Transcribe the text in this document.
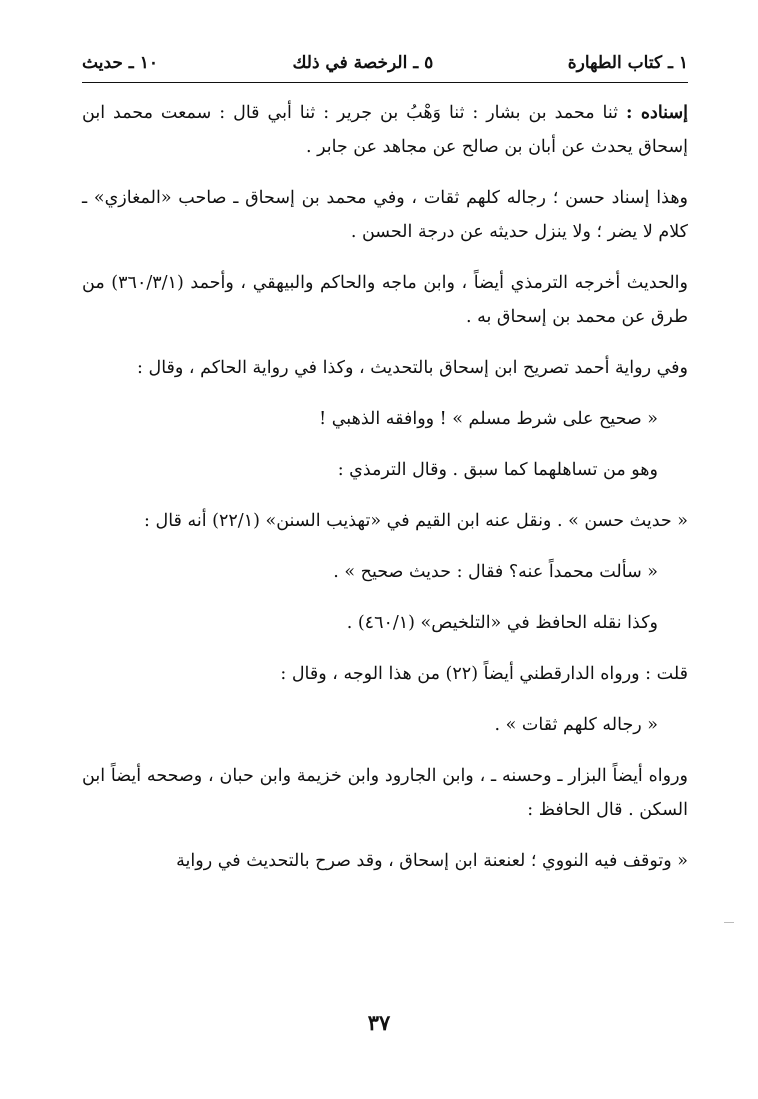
١ ـ كتاب الطهارة
٥ ـ الرخصة في ذلك
١٠ ـ حديث

إسناده : ثنا محمد بن بشار : ثنا وَهْبُ بن جرير : ثنا أبي قال : سمعت محمد ابن إسحاق يحدث عن أبان بن صالح عن مجاهد عن جابر .

وهذا إسناد حسن ؛ رجاله كلهم ثقات ، وفي محمد بن إسحاق ـ صاحب «المغازي» ـ كلام لا يضر ؛ ولا ينزل حديثه عن درجة الحسن .

والحديث أخرجه الترمذي أيضاً ، وابن ماجه والحاكم والبيهقي ، وأحمد (٣٦٠/٣/١) من طرق عن محمد بن إسحاق به .

وفي رواية أحمد تصريح ابن إسحاق بالتحديث ، وكذا في رواية الحاكم ، وقال :

« صحيح على شرط مسلم » ! ووافقه الذهبي !

وهو من تساهلهما كما سبق . وقال الترمذي :

« حديث حسن » . ونقل عنه ابن القيم في «تهذيب السنن» (٢٢/١) أنه قال :

« سألت محمداً عنه؟ فقال : حديث صحيح » .

وكذا نقله الحافظ في «التلخيص» (٤٦٠/١) .

قلت : ورواه الدارقطني أيضاً (٢٢) من هذا الوجه ، وقال :

« رجاله كلهم ثقات » .

ورواه أيضاً البزار ـ وحسنه ـ ، وابن الجارود وابن خزيمة وابن حبان ، وصححه أيضاً ابن السكن . قال الحافظ :

« وتوقف فيه النووي ؛ لعنعنة ابن إسحاق ، وقد صرح بالتحديث في رواية

٣٧
